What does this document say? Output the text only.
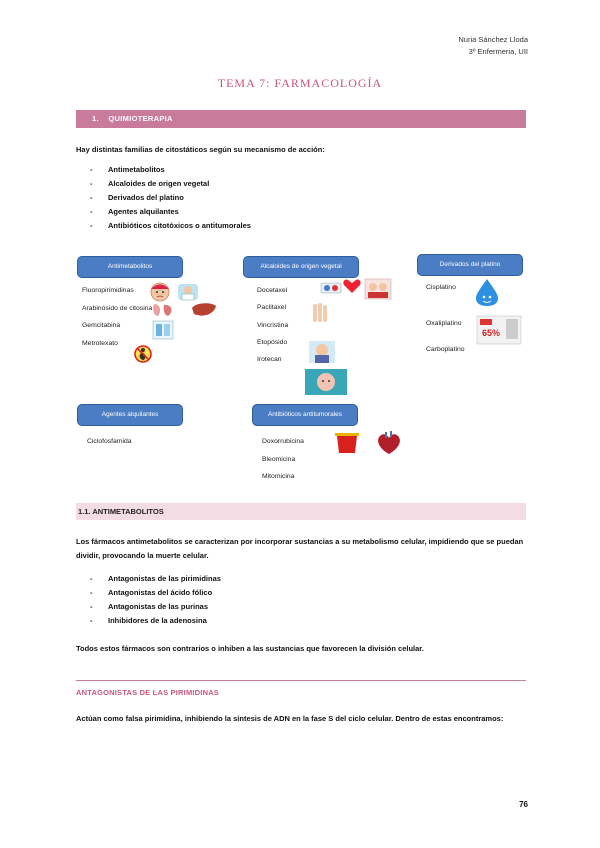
Nuria Sánchez Lloda
3º Enfermeria, UII
TEMA 7: FARMACOLOGÍA
1. QUIMIOTERAPIA
Hay distintas familias de citostáticos según su mecanismo de acción:
- Antimetabolitos
- Alcaloides de origen vegetal
- Derivados del platino
- Agentes alquilantes
- Antibióticos citotóxicos o antitumorales
Antimetabolitos	Alcaloides de origen vegetal	Derivados del platino
Agentes alquilantes	Antibióticos antitumorales
Fluoropirimidinas
Arabinósido de citosina
Gemcitabina
Metrotexato
Docetaxel
Paclitaxel
Vincristina
Etopósido
Irotecan
Cisplatino
Oxaliplatino
Carboplatino
Ciclofosfamida	Doxorrubicina
Bleomicina
Mitomicina
65%
1.1. ANTIMETABOLITOS
Los fármacos antimetabolitos se caracterizan por incorporar sustancias a su metabolismo celular, impidiendo que se puedan dividir, provocando la muerte celular.
- Antagonistas de las pirimidinas
- Antagonistas del ácido fólico
- Antagonistas de las purinas
- Inhibidores de la adenosina
Todos estos fármacos son contrarios o inhiben a las sustancias que favorecen la división celular.
ANTAGONISTAS DE LAS PIRIMIDINAS
Actúan como falsa pirimidina, inhibiendo la síntesis de ADN en la fase S del ciclo celular. Dentro de estas encontramos:
76
